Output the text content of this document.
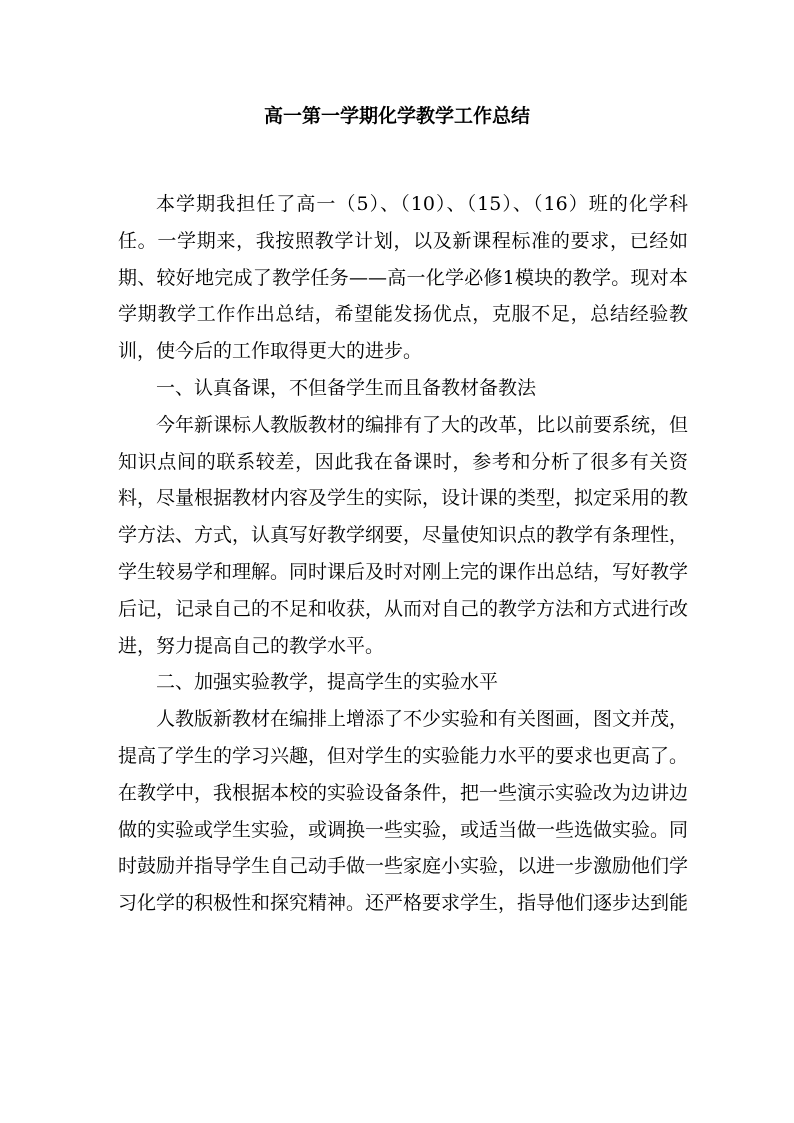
高一第一学期化学教学工作总结

本学期我担任了高一（5）、（10）、（15）、（16）班的化学科任。一学期来，我按照教学计划，以及新课程标准的要求，已经如期、较好地完成了教学任务——高一化学必修1模块的教学。现对本学期教学工作作出总结，希望能发扬优点，克服不足，总结经验教训，使今后的工作取得更大的进步。

一、认真备课，不但备学生而且备教材备教法

今年新课标人教版教材的编排有了大的改革，比以前要系统，但知识点间的联系较差，因此我在备课时，参考和分析了很多有关资料，尽量根据教材内容及学生的实际，设计课的类型，拟定采用的教学方法、方式，认真写好教学纲要，尽量使知识点的教学有条理性，学生较易学和理解。同时课后及时对刚上完的课作出总结，写好教学后记，记录自己的不足和收获，从而对自己的教学方法和方式进行改进，努力提高自己的教学水平。

二、加强实验教学，提高学生的实验水平

人教版新教材在编排上增添了不少实验和有关图画，图文并茂，提高了学生的学习兴趣，但对学生的实验能力水平的要求也更高了。在教学中，我根据本校的实验设备条件，把一些演示实验改为边讲边做的实验或学生实验，或调换一些实验，或适当做一些选做实验。同时鼓励并指导学生自己动手做一些家庭小实验，以进一步激励他们学习化学的积极性和探究精神。还严格要求学生，指导他们逐步达到能
